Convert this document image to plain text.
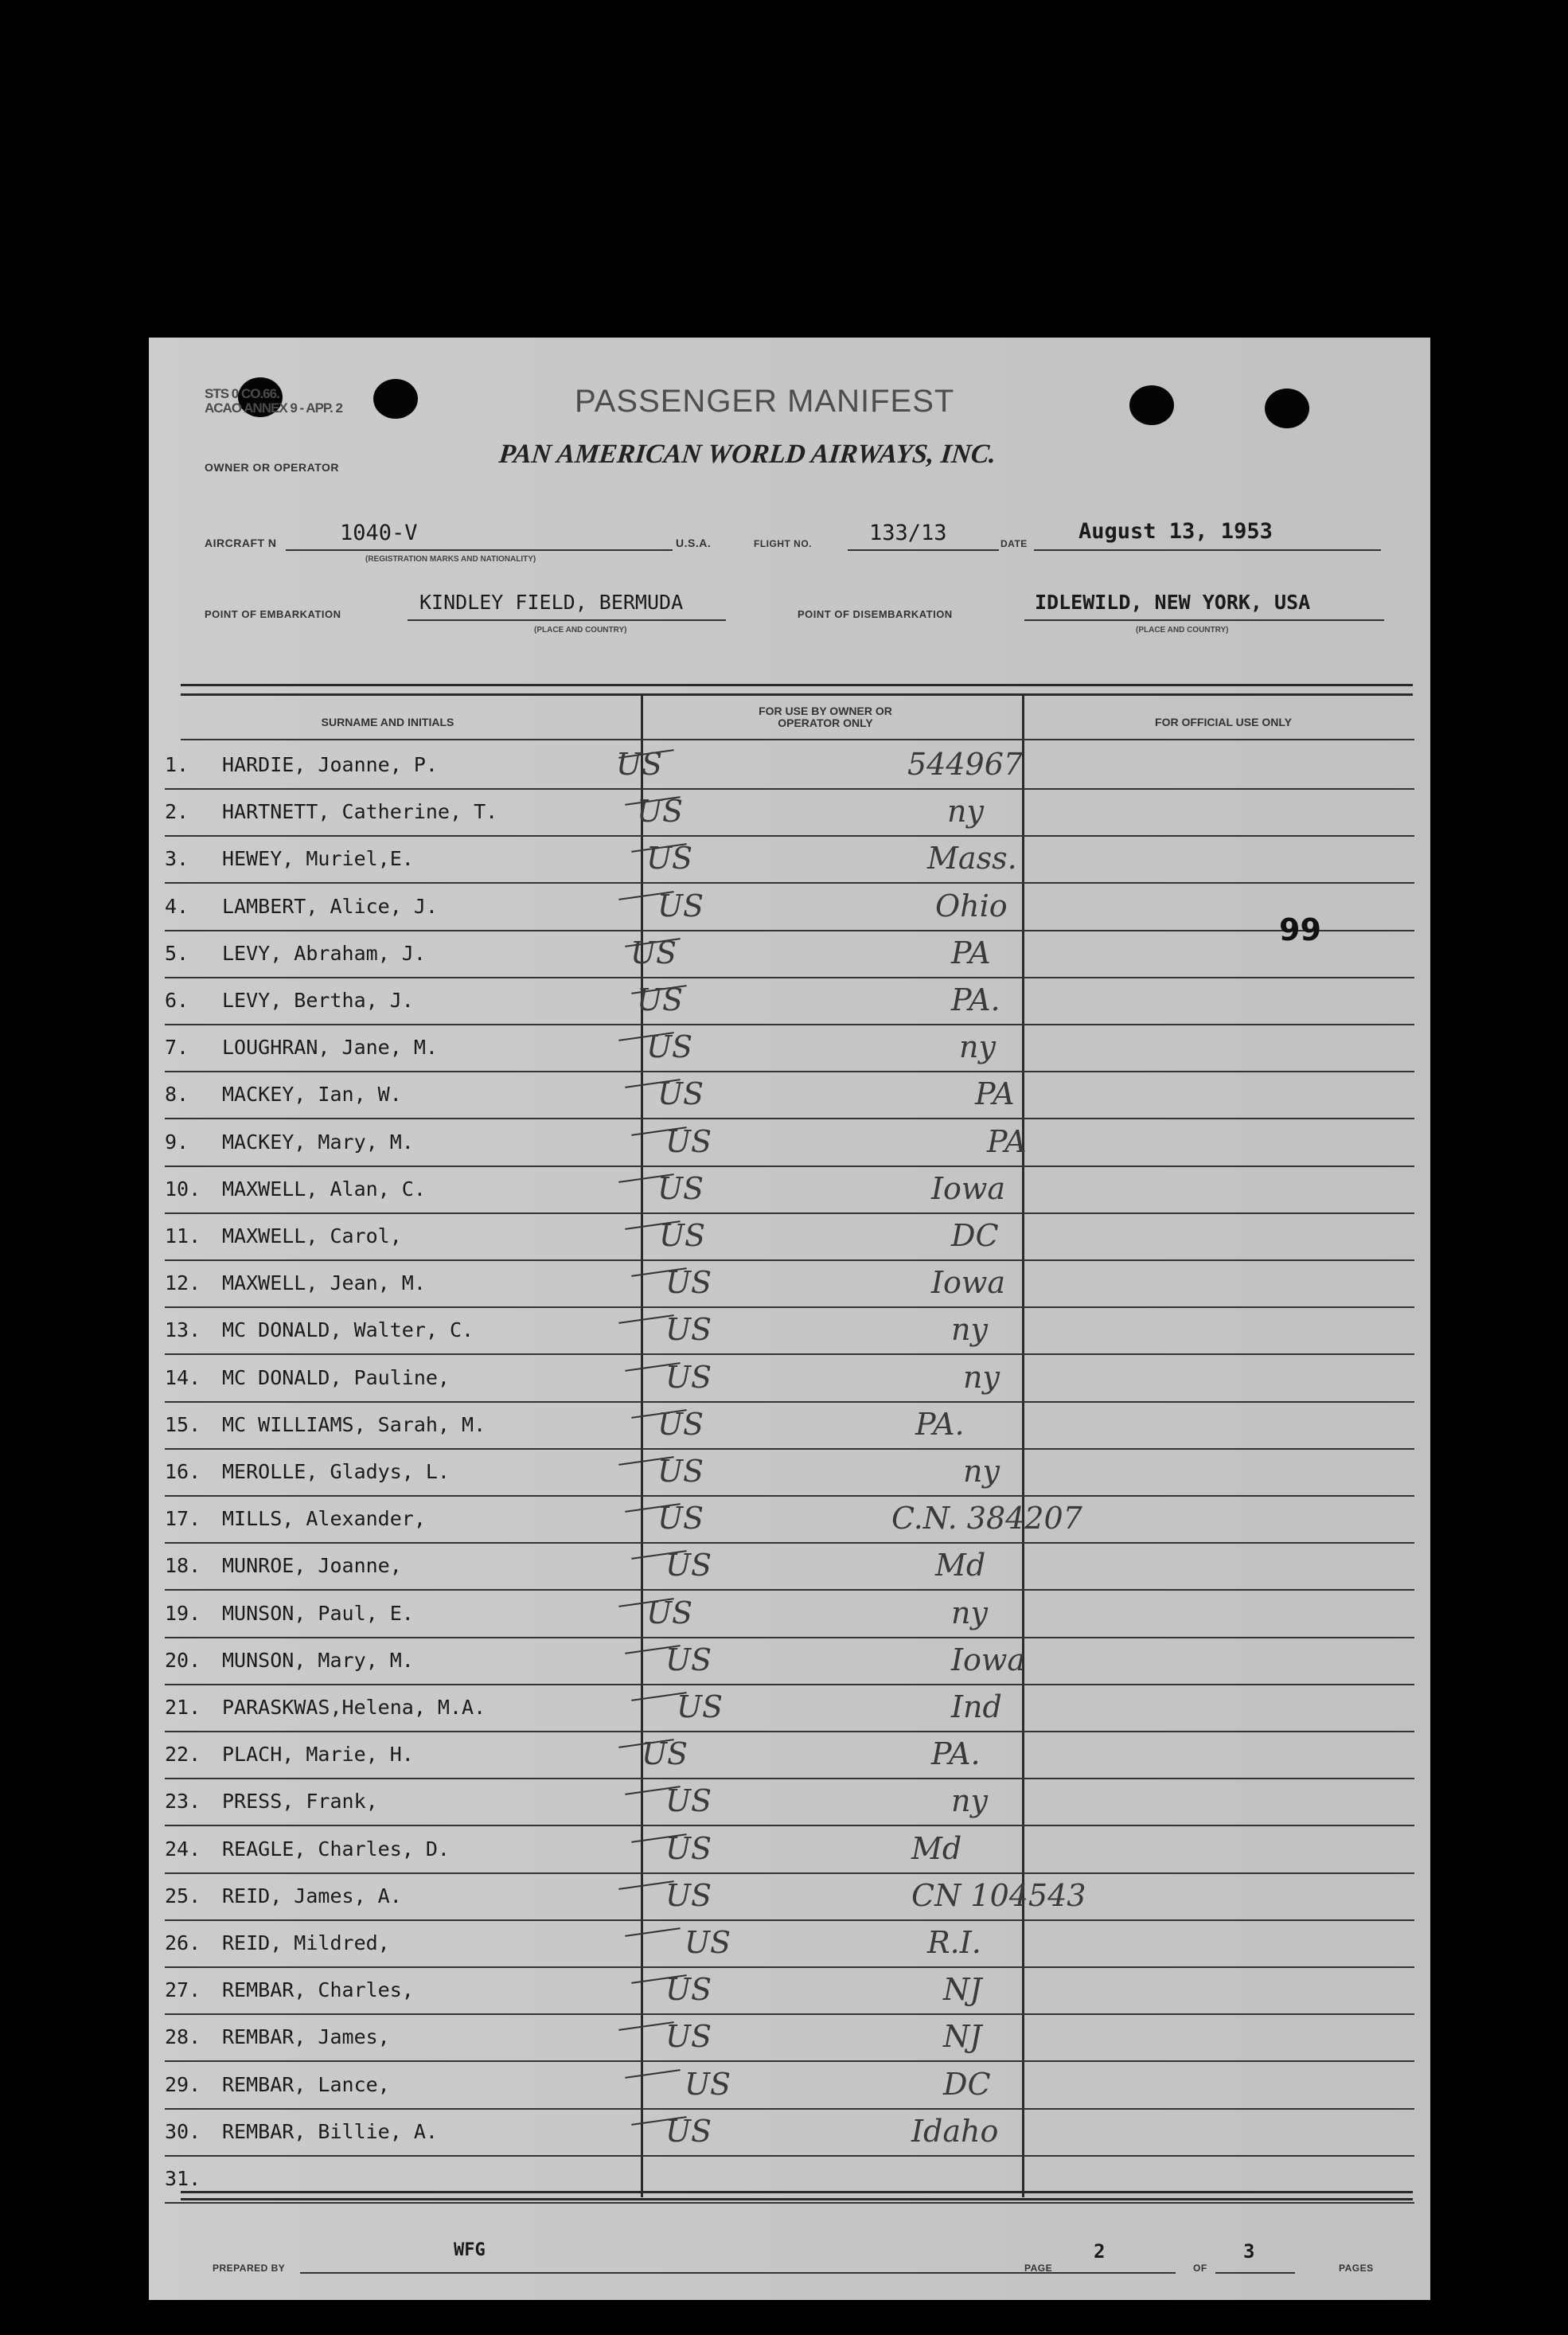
STS 0 CO.66.
ACAO ANNEX 9 - APP. 2	PASSENGER MANIFEST
OWNER OR OPERATOR	PAN AMERICAN WORLD AIRWAYS, INC.
AIRCRAFT N	1040-V
(REGISTRATION MARKS AND NATIONALITY)
U.S.A.	FLIGHT NO.	133/13	DATE August 13, 1953
POINT OF EMBARKATION
KINDLEY FIELD, BERMUDA
(PLACE AND COUNTRY)
POINT OF DISEMBARKATION
IDLEWILD, NEW YORK, USA
(PLACE AND COUNTRY)
SURNAME AND INITIALS
FOR USE BY OWNER OR OPERATOR ONLY	FOR OFFICIAL USE ONLY
1. HARDIE, Joanne, P.	US	544967
2. HARTNETT, Catherine, T.	US	ny
3. HEWEY, Muriel,E.	US	Mass.
4. LAMBERT, Alice, J.	US	Ohio
5. LEVY, Abraham, J.	US	PA
6. LEVY, Bertha, J.	US	PA.
7. LOUGHRAN, Jane, M.	US	ny
8. MACKEY, Ian, W.	US	PA
9. MACKEY, Mary, M.	US	PA
10. MAXWELL, Alan, C.	US	Iowa
11. MAXWELL, Carol,	US	DC
12. MAXWELL, Jean, M.	US	Iowa
13. MC DONALD, Walter, C.	US	ny
14. MC DONALD, Pauline,	US	ny
15. MC WILLIAMS, Sarah, M.	US	PA.
16. MEROLLE, Gladys, L.	US	ny
17. MILLS, Alexander,	US	C.N. 384207
18. MUNROE, Joanne,	US	Md
19. MUNSON, Paul, E.	US	ny
20. MUNSON, Mary, M.	US	Iowa
21. PARASKWAS,Helena, M.A.	US	Ind
22. PLACH, Marie, H.	US	PA.
23. PRESS, Frank,	US	ny
24. REAGLE, Charles, D.	US	Md
25. REID, James, A.	US	CN 104543
26. REID, Mildred,	US	R.I.
27. REMBAR, Charles,	US	NJ
28. REMBAR, James,	US	NJ
29. REMBAR, Lance,	US	DC
30. REMBAR, Billie, A.	US	Idaho
31.
99
PREPARED BY
WFG
PAGE
2
OF
3
PAGES
